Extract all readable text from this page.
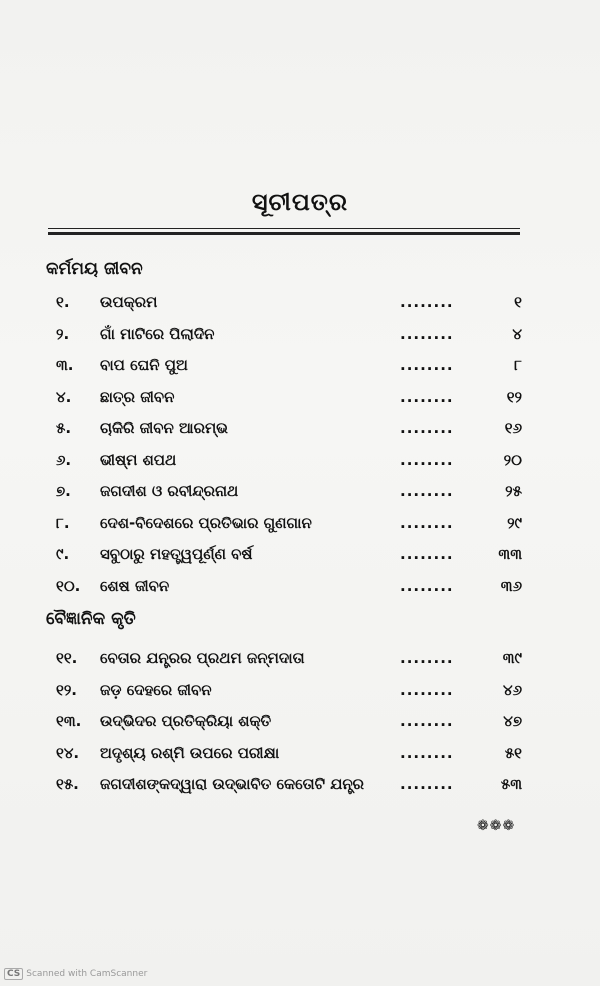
ସୂଚୀପତ୍ର
କର୍ମମୟ ଜୀବନ
୧.	ଉପକ୍ରମ	........	୧
୨.	ଗାଁ ମାଟିରେ ପିଲାଦିନ	........	୪
୩.	ବାପ ଘେନି ପୁଅ	........	୮
୪.	ଛାତ୍ର ଜୀବନ	........	୧୨
୫.	ଚାକିରି ଜୀବନ ଆରମ୍ଭ	........	୧୬
୬.	ଭୀଷ୍ମ ଶପଥ	........	୨୦
୭.	ଜଗଦୀଶ ଓ ରବୀନ୍ଦ୍ରନାଥ	........	୨୫
୮.	ଦେଶ-ବିଦେଶରେ ପ୍ରତିଭାର ଗୁଣଗାନ	........	୨୯
୯.	ସବୁଠାରୁ ମହତ୍ତ୍ୱପୂର୍ଣ୍ଣ ବର୍ଷ	........	୩୩
୧୦.	ଶେଷ ଜୀବନ	........	୩୬
ବୈଜ୍ଞାନିକ କୃତି
୧୧.	ବେତାର ଯନ୍ତ୍ରର ପ୍ରଥମ ଜନ୍ମଦାତା	........	୩୯
୧୨.	ଜଡ଼ ଦେହରେ ଜୀବନ	........	୪୬
୧୩.	ଉଦ୍ଭିଦର ପ୍ରତିକ୍ରିୟା ଶକ୍ତି	........	୪୭
୧୪.	ଅଦୃଶ୍ୟ ରଶ୍ମି ଉପରେ ପରୀକ୍ଷା	........	୫୧
୧୫.	ଜଗଦୀଶଙ୍କଦ୍ୱାରା ଉଦ୍ଭାବିତ କେତୋଟି ଯନ୍ତ୍ର ........	୫୩
❁❁❁
CS Scanned with CamScanner
